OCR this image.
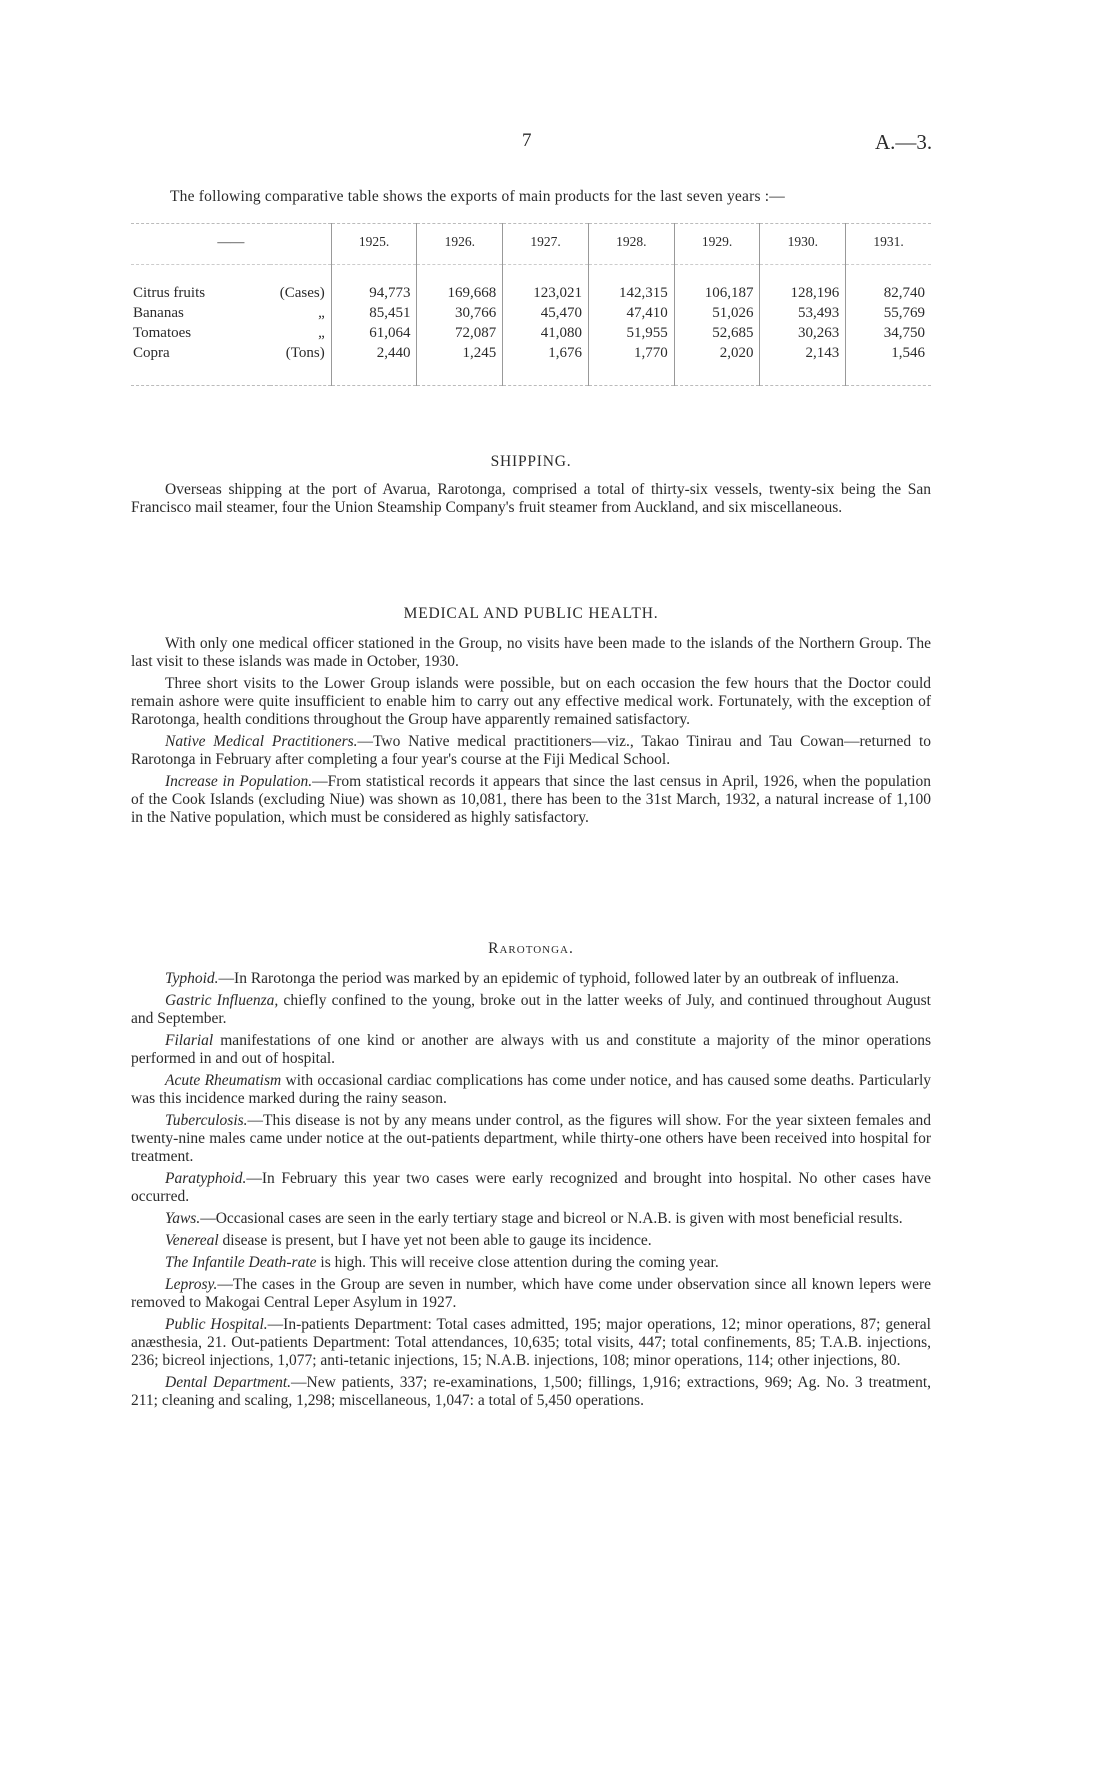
7	A.—3.
The following comparative table shows the exports of main products for the last seven years :—
——		1925.	1926.	1927.	1928.	1929.	1930.	1931.
Citrus fruits	(Cases)	94,773	169,668	123,021	142,315	106,187	128,196	82,740
Bananas	„	85,451	30,766	45,470	47,410	51,026	53,493	55,769
Tomatoes	„	61,064	72,087	41,080	51,955	52,685	30,263	34,750
Copra	(Tons)	2,440	1,245	1,676	1,770	2,020	2,143	1,546
SHIPPING.

Overseas shipping at the port of Avarua, Rarotonga, comprised a total of thirty-six vessels, twenty-six being the San Francisco mail steamer, four the Union Steamship Company's fruit steamer from Auckland, and six miscellaneous.

MEDICAL AND PUBLIC HEALTH.

With only one medical officer stationed in the Group, no visits have been made to the islands of the Northern Group. The last visit to these islands was made in October, 1930.

Three short visits to the Lower Group islands were possible, but on each occasion the few hours that the Doctor could remain ashore were quite insufficient to enable him to carry out any effective medical work. Fortunately, with the exception of Rarotonga, health conditions throughout the Group have apparently remained satisfactory.

Native Medical Practitioners.—Two Native medical practitioners—viz., Takao Tinirau and Tau Cowan—returned to Rarotonga in February after completing a four year's course at the Fiji Medical School.

Increase in Population.—From statistical records it appears that since the last census in April, 1926, when the population of the Cook Islands (excluding Niue) was shown as 10,081, there has been to the 31st March, 1932, a natural increase of 1,100 in the Native population, which must be considered as highly satisfactory.

Rarotonga.

Typhoid.—In Rarotonga the period was marked by an epidemic of typhoid, followed later by an outbreak of influenza.

Gastric Influenza, chiefly confined to the young, broke out in the latter weeks of July, and continued throughout August and September.

Filarial manifestations of one kind or another are always with us and constitute a majority of the minor operations performed in and out of hospital.

Acute Rheumatism with occasional cardiac complications has come under notice, and has caused some deaths. Particularly was this incidence marked during the rainy season.

Tuberculosis.—This disease is not by any means under control, as the figures will show. For the year sixteen females and twenty-nine males came under notice at the out-patients department, while thirty-one others have been received into hospital for treatment.

Paratyphoid.—In February this year two cases were early recognized and brought into hospital. No other cases have occurred.

Yaws.—Occasional cases are seen in the early tertiary stage and bicreol or N.A.B. is given with most beneficial results.

Venereal disease is present, but I have yet not been able to gauge its incidence.

The Infantile Death-rate is high. This will receive close attention during the coming year.

Leprosy.—The cases in the Group are seven in number, which have come under observation since all known lepers were removed to Makogai Central Leper Asylum in 1927.

Public Hospital.—In-patients Department: Total cases admitted, 195; major operations, 12; minor operations, 87; general anæsthesia, 21. Out-patients Department: Total attendances, 10,635; total visits, 447; total confinements, 85; T.A.B. injections, 236; bicreol injections, 1,077; anti-tetanic injections, 15; N.A.B. injections, 108; minor operations, 114; other injections, 80.

Dental Department.—New patients, 337; re-examinations, 1,500; fillings, 1,916; extractions, 969; Ag. No. 3 treatment, 211; cleaning and scaling, 1,298; miscellaneous, 1,047: a total of 5,450 operations.
